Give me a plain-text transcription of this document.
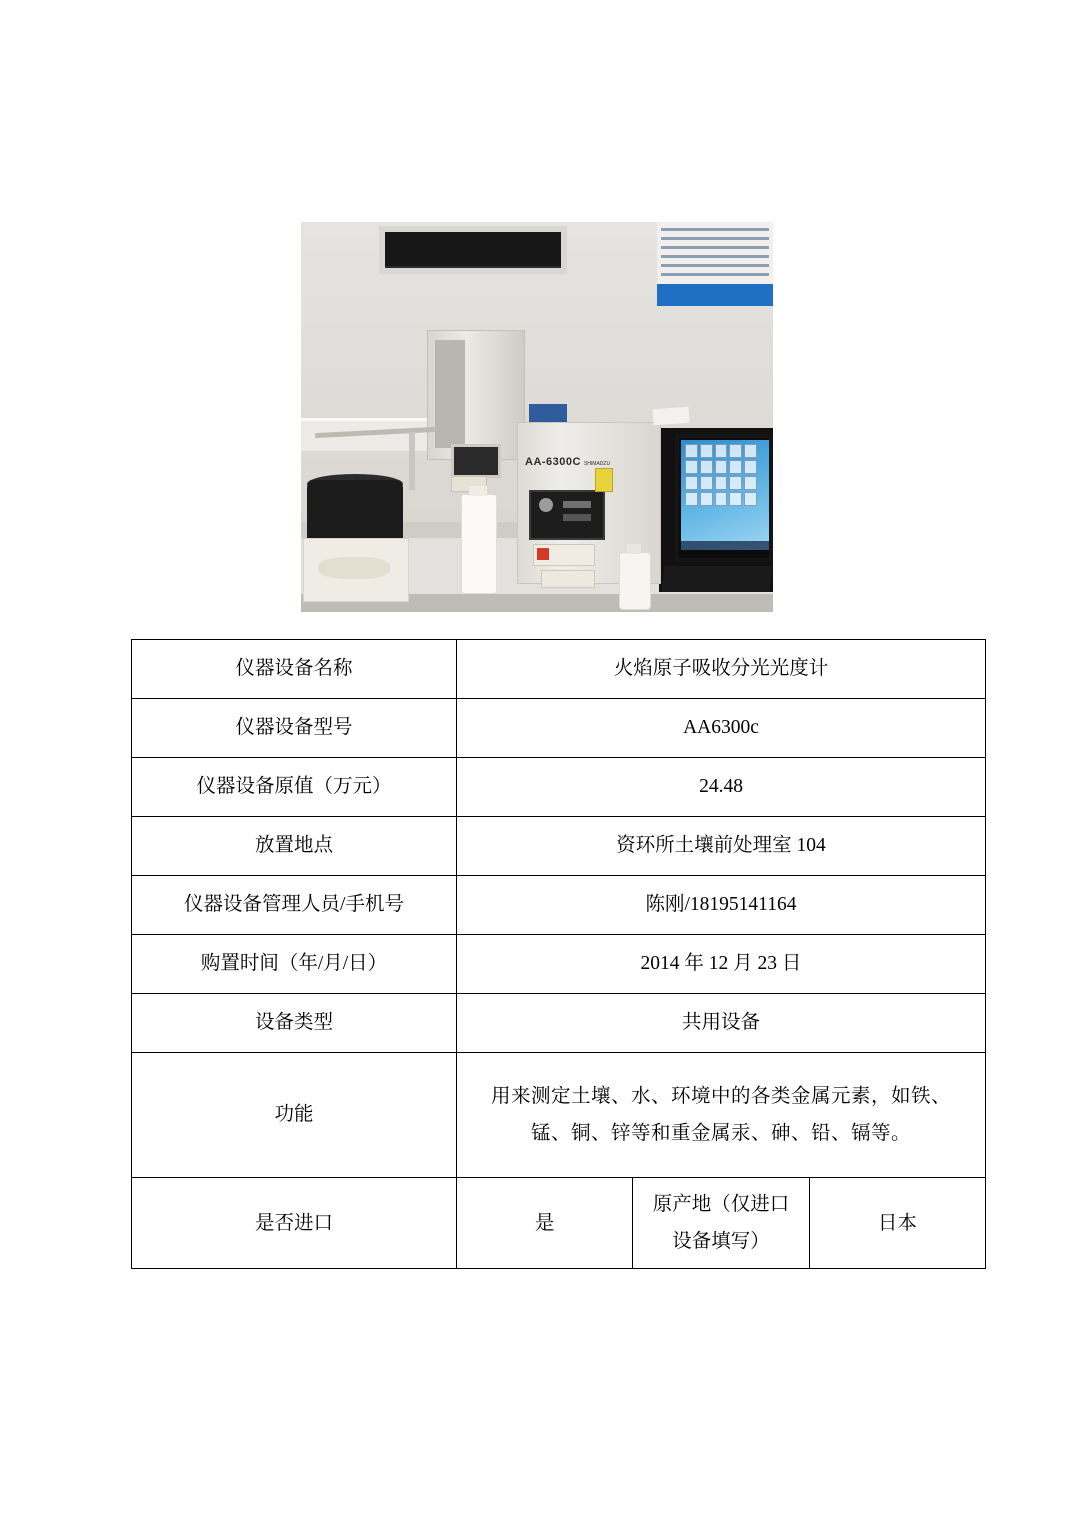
AA-6300C SHIMADZU
仪器设备名称	火焰原子吸收分光光度计		
仪器设备型号	AA6300c		
仪器设备原值（万元）	24.48		
放置地点	资环所土壤前处理室 104		
仪器设备管理人员/手机号	陈刚/18195141164		
购置时间（年/月/日）	2014 年 12 月 23 日		
设备类型	共用设备		
功能	用来测定土壤、水、环境中的各类金属元素，如铁、
锰、铜、锌等和重金属汞、砷、铅、镉等。		

是否进口	是	原产地（仅进口设备填写）	日本
